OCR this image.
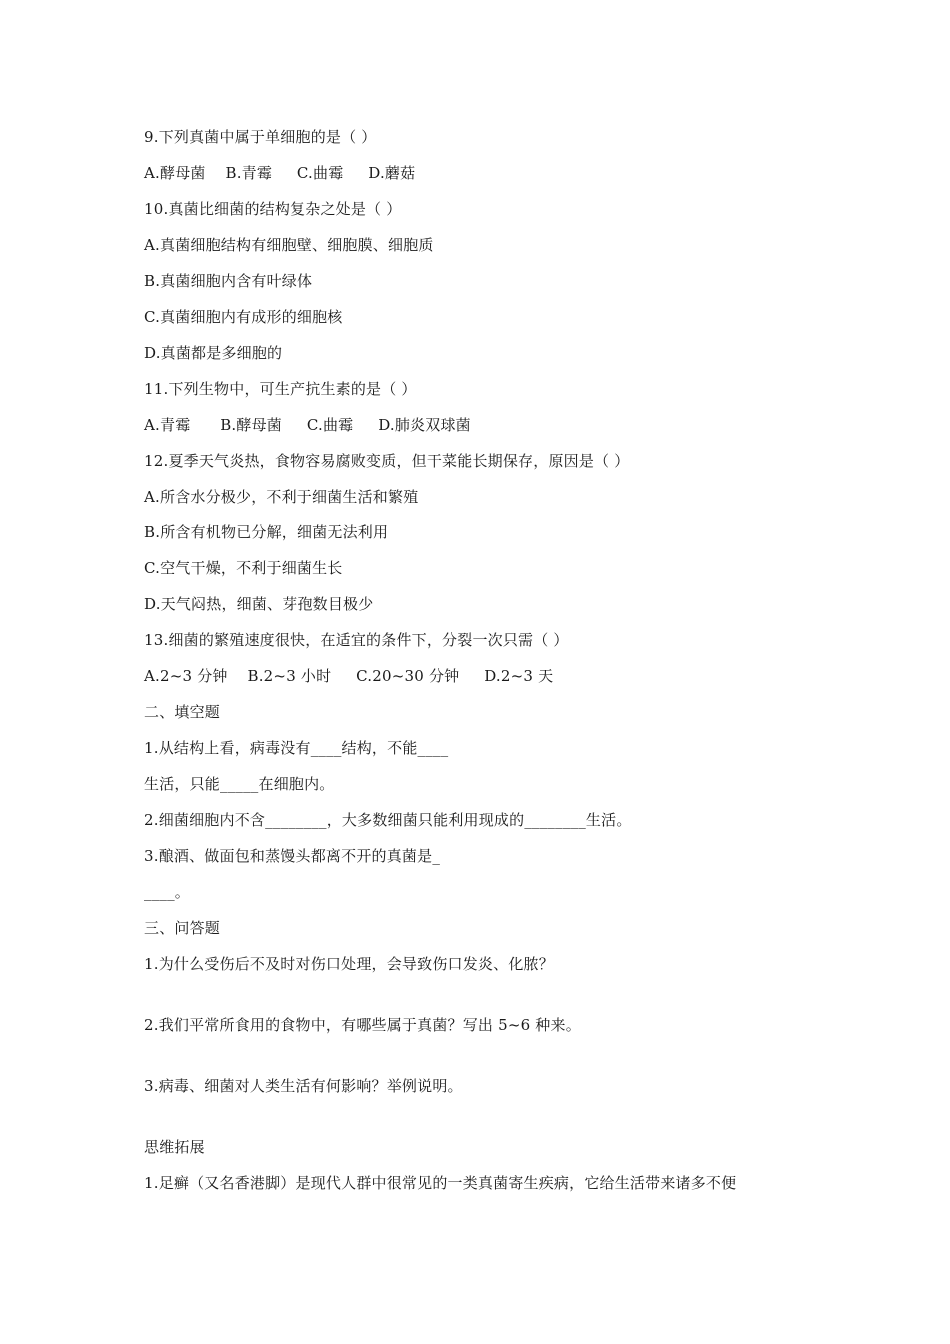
9.下列真菌中属于单细胞的是（ ）
A.酵母菌    B.青霉     C.曲霉     D.蘑菇
10.真菌比细菌的结构复杂之处是（ ）
A.真菌细胞结构有细胞壁、细胞膜、细胞质
B.真菌细胞内含有叶绿体
C.真菌细胞内有成形的细胞核
D.真菌都是多细胞的
11.下列生物中，可生产抗生素的是（ ）
A.青霉      B.酵母菌     C.曲霉     D.肺炎双球菌
12.夏季天气炎热，食物容易腐败变质，但干菜能长期保存，原因是（ ）
A.所含水分极少，不利于细菌生活和繁殖
B.所含有机物已分解，细菌无法利用
C.空气干燥，不利于细菌生长
D.天气闷热，细菌、芽孢数目极少
13.细菌的繁殖速度很快，在适宜的条件下，分裂一次只需（ ）
A.2~3 分钟    B.2~3 小时     C.20~30 分钟     D.2~3 天
二、填空题
1.从结构上看，病毒没有____结构，不能____
生活，只能_____在细胞内。
2.细菌细胞内不含________，大多数细菌只能利用现成的________生活。
3.酿酒、做面包和蒸馒头都离不开的真菌是_
____。
三、问答题
1.为什么受伤后不及时对伤口处理，会导致伤口发炎、化脓？
2.我们平常所食用的食物中，有哪些属于真菌？写出 5~6 种来。
3.病毒、细菌对人类生活有何影响？举例说明。
思维拓展
1.足癣（又名香港脚）是现代人群中很常见的一类真菌寄生疾病，它给生活带来诸多不便
